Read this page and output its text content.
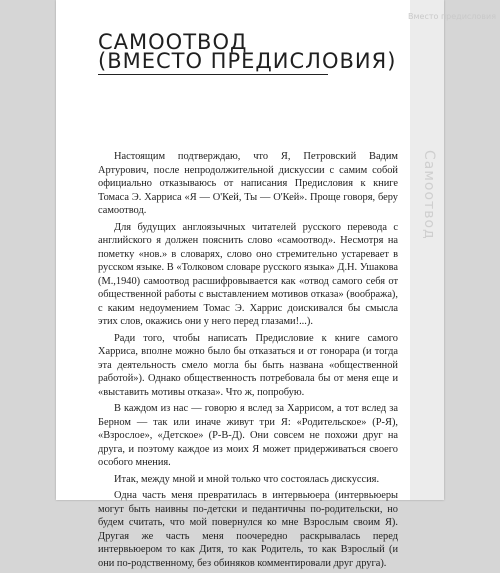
Вместо предисловия
Самоотвод
САМООТВОД
(ВМЕСТО ПРЕДИСЛОВИЯ)

Настоящим подтверждаю, что Я, Петровский Вадим Артурович, после непродолжительной дискуссии с самим собой официально отказываюсь от написания Предисловия к книге Томаса Э. Харриса «Я — О'Кей, Ты — О'Кей». Проще говоря, беру самоотвод.

Для будущих англоязычных читателей русского перевода с английского я должен пояснить слово «самоотвод». Несмотря на пометку «нов.» в словарях, слово оно стремительно устаревает в русском языке. В «Толковом словаре русского языка» Д.Н. Ушакова (М.,1940) самоотвод расшифровывается как «отвод самого себя от общественной работы с выставлением мотивов отказа» (вообража), с каким недоумением Томас Э. Харрис доискивался бы смысла этих слов, окажись они у него перед глазами!...).

Ради того, чтобы написать Предисловие к книге самого Харриса, вполне можно было бы отказаться и от гонорара (и тогда эта деятельность смело могла бы быть названа «общественной работой»). Однако общественность потребовала бы от меня еще и «выставить мотивы отказа». Что ж, попробую.

В каждом из нас — говорю я вслед за Харрисом, а тот вслед за Берном — так или иначе живут три Я: «Родительское» (Р-Я), «Взрослое», «Детское» (Р-В-Д). Они совсем не похожи друг на друга, и поэтому каждое из моих Я может придерживаться своего особого мнения.

Итак, между мной и мной только что состоялась дискуссия.

Одна часть меня превратилась в интервьюера (интервьюеры могут быть наивны по-детски и педантичны по-родительски, но будем считать, что мой повернулся ко мне Взрослым своим Я). Другая же часть меня поочередно раскрывалась перед интервьюером то как Дитя, то как Родитель, то как Взрослый (и они по-родственному, без обиняков комментировали друг друга).
